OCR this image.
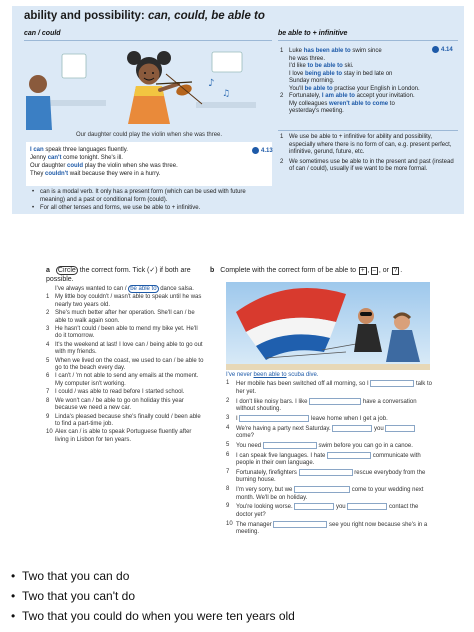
ability and possibility: can, could, be able to
can / could	be able to + infinitive
♪
♫
Our daughter could play the violin when she was three.
4.13
I can speak three languages fluently.
Jenny can't come tonight. She's ill.
Our daughter could play the violin when she was three.
They couldn't wait because they were in a hurry.
• can is a modal verb. It only has a present form (which can be used with future meaning) and a past or conditional form (could).
• For all other tenses and forms, we use be able to + infinitive.
4.14
1 Luke has been able to swim since
he was three.
I'd like to be able to ski.
I love being able to stay in bed late on
Sunday morning.
You'll be able to practise your English in London.
2 Fortunately, I am able to accept your invitation.
My colleagues weren't able to come to
yesterday's meeting.
1 We use be able to + infinitive for ability and possibility, especially where there is no form of can, e.g. present perfect, infinitive, gerund, future, etc.
2 We sometimes use be able to in the present and past (instead of can / could), usually if we want to be more formal.
a Circle the correct form. Tick (✓) if both are possible.
I've always wanted to can / be able to dance salsa.
1 My little boy couldn't / wasn't able to speak until he was nearly two years old.
2 She's much better after her operation. She'll can / be able to walk again soon.
3 He hasn't could / been able to mend my bike yet. He'll do it tomorrow.
4 It's the weekend at last! I love can / being able to go out with my friends.
5 When we lived on the coast, we used to can / be able to go to the beach every day.
6 I can't / 'm not able to send any emails at the moment. My computer isn't working.
7 I could / was able to read before I started school.
8 We won't can / be able to go on holiday this year because we need a new car.
9 Linda's pleased because she's finally could / been able to find a part-time job.
10 Alex can / is able to speak Portuguese fluently after living in Lisbon for ten years.
b Complete with the correct form of be able to + , – , or ? .
I've never been able to scuba dive.
1 Her mobile has been switched off all morning, so I	talk to her yet.
2 I don't like noisy bars. I like	have a conversation without shouting.
3 I	leave home when I get a job.
4 We're having a party next Saturday.	you  come?
5 You need	swim before you can go in a canoe.
6 I can speak five languages. I hate	communicate with people in their own language.
7 Fortunately, firefighters	rescue everybody from the burning house.
8 I'm very sorry, but we	come to your wedding next month. We'll be on holiday.
9 You're looking worse.	you	contact the doctor yet?
10 The manager	see you right now because she's in a meeting.
• Two that you can do
• Two that you can't do
• Two that you could do when you were ten years old
